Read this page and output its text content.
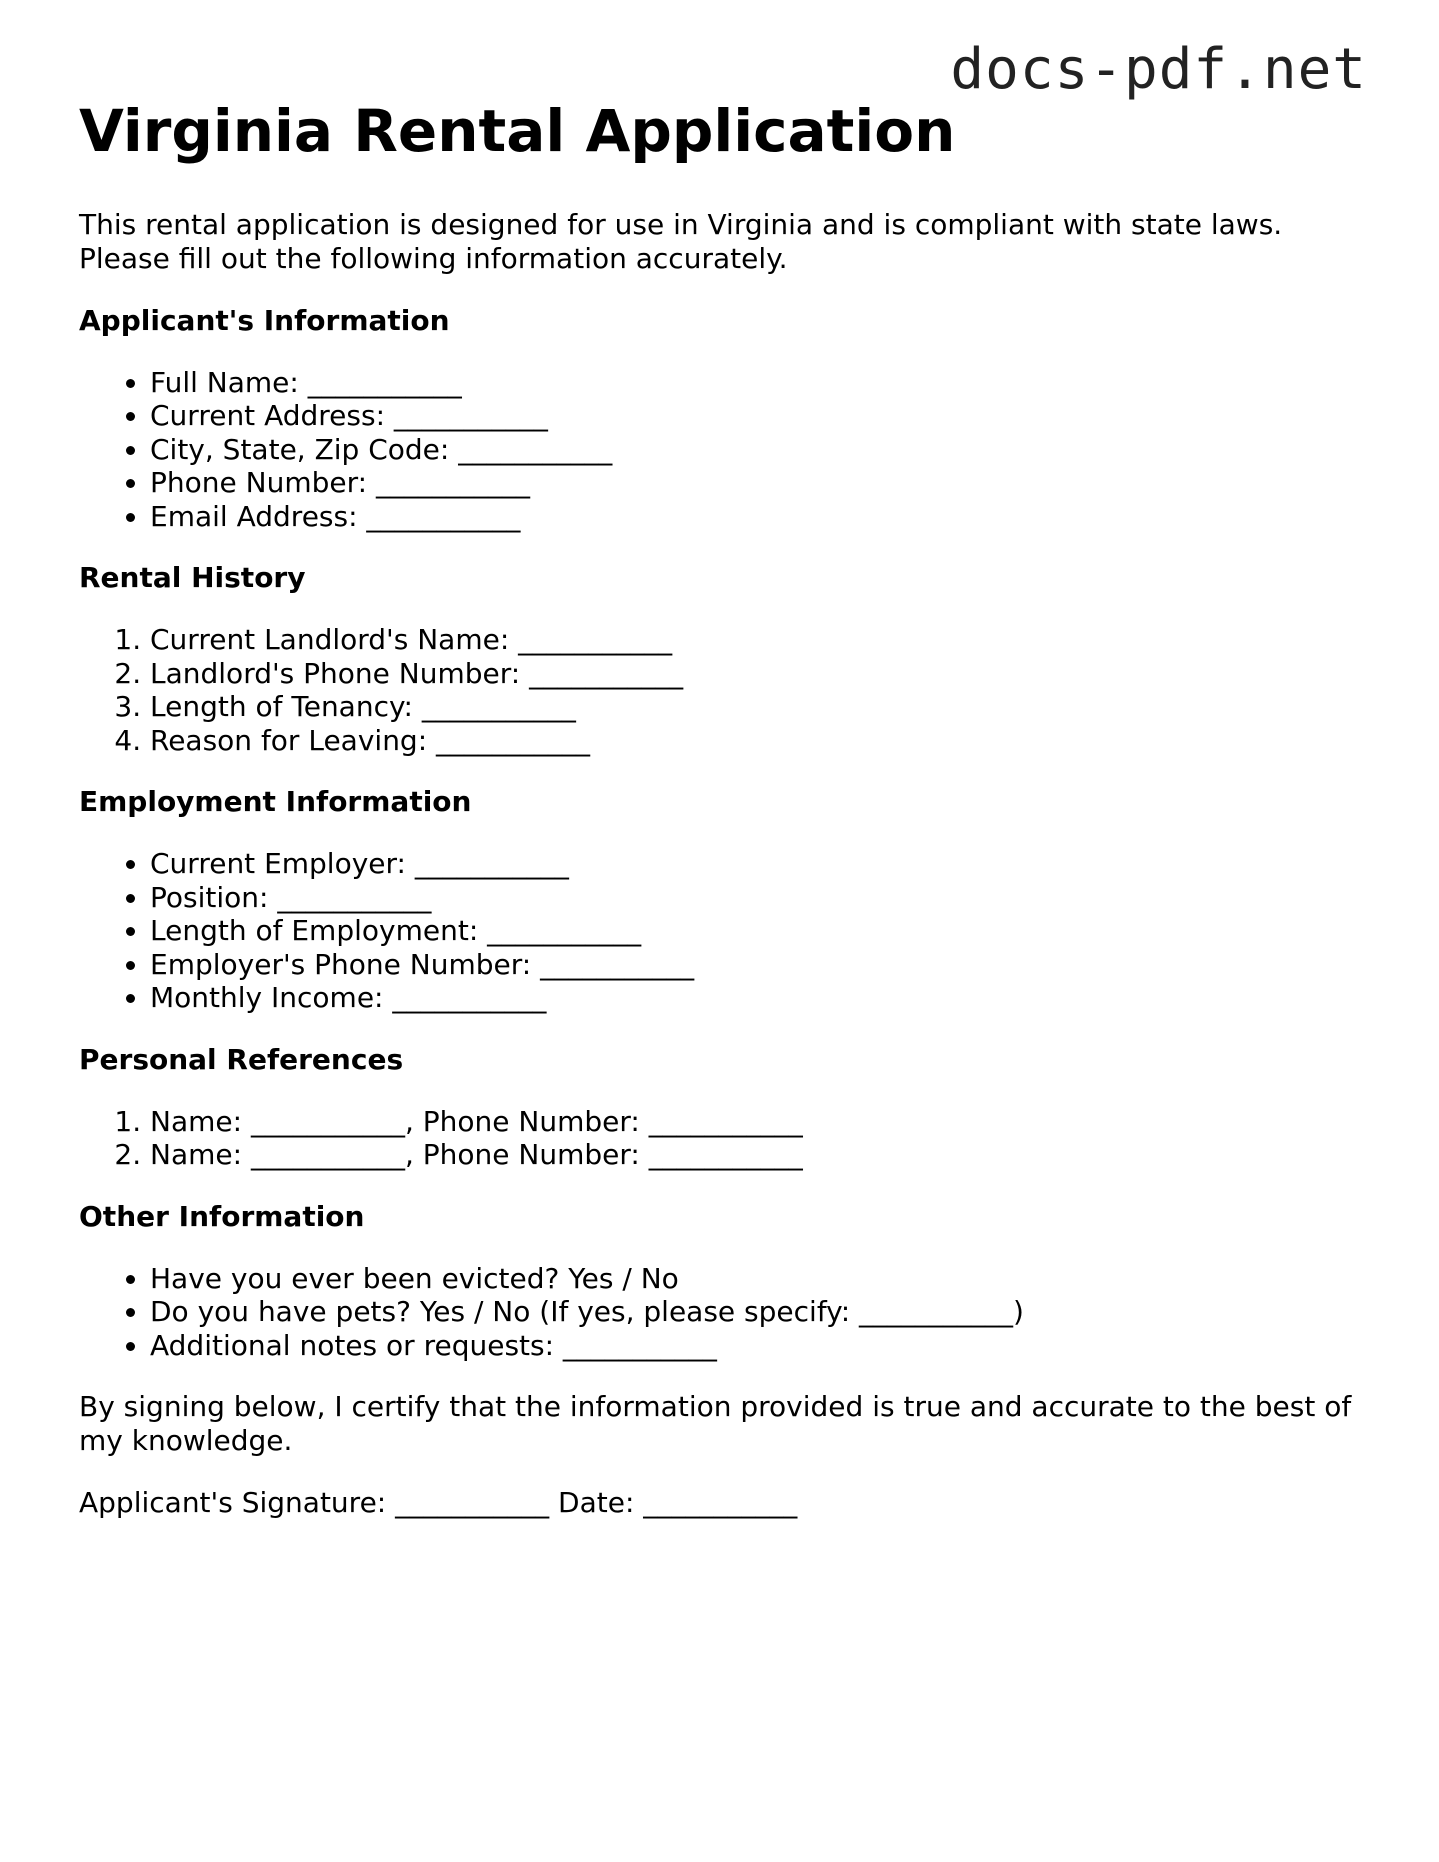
docs-pdf.net
Virginia Rental Application

This rental application is designed for use in Virginia and is compliant with state laws. Please fill out the following information accurately.

Applicant's Information
• Full Name: ___________
• Current Address: ___________
• City, State, Zip Code: ___________
• Phone Number: ___________
• Email Address: ___________
Rental History
1. Current Landlord's Name: ___________
2. Landlord's Phone Number: ___________
3. Length of Tenancy: ___________
4. Reason for Leaving: ___________
Employment Information
• Current Employer: ___________
• Position: ___________
• Length of Employment: ___________
• Employer's Phone Number: ___________
• Monthly Income: ___________
Personal References
1. Name: ___________, Phone Number: ___________
2. Name: ___________, Phone Number: ___________
Other Information
• Have you ever been evicted? Yes / No
• Do you have pets? Yes / No (If yes, please specify: ___________)
• Additional notes or requests: ___________

By signing below, I certify that the information provided is true and accurate to the best of my knowledge.

Applicant's Signature: ___________ Date: ___________
